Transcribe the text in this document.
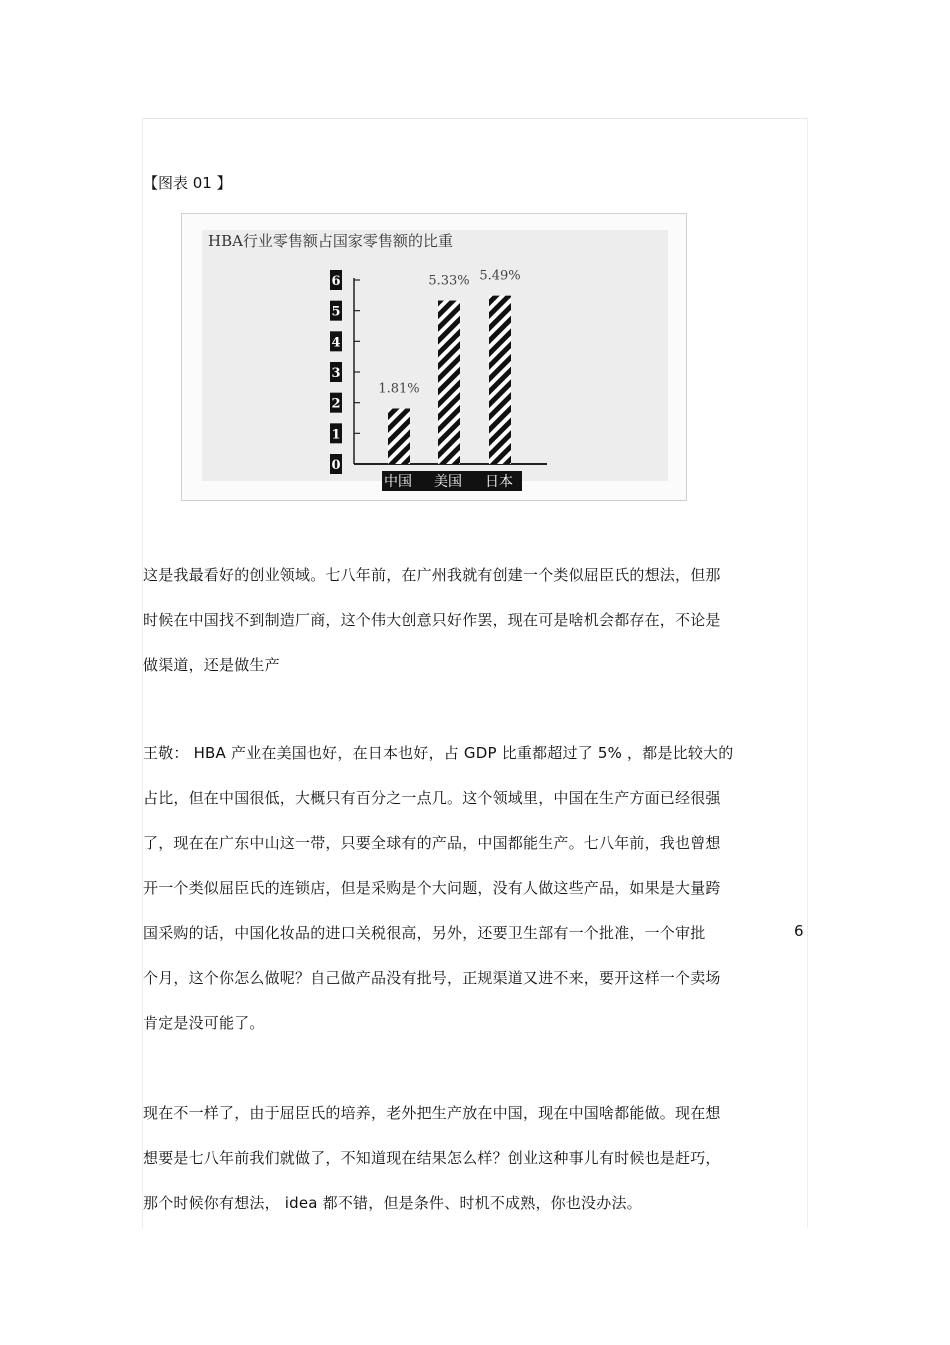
【图表 01 】
HBA行业零售额占国家零售额的比重
0
1
2
3
4
5
6
1.81%
5.33% 5.49%
中国 美国 日本
这是我最看好的创业领域。七八年前，在广州我就有创建一个类似屈臣氏的想法，但那
时候在中国找不到制造厂商，这个伟大创意只好作罢，现在可是啥机会都存在，不论是
做渠道，还是做生产
王敬： HBA 产业在美国也好，在日本也好，占 GDP 比重都超过了 5% ，都是比较大的
占比，但在中国很低，大概只有百分之一点几。这个领域里，中国在生产方面已经很强
了，现在在广东中山这一带，只要全球有的产品，中国都能生产。七八年前，我也曾想
开一个类似屈臣氏的连锁店，但是采购是个大问题，没有人做这些产品，如果是大量跨
国采购的话，中国化妆品的进口关税很高，另外，还要卫生部有一个批准，一个审批
个月，这个你怎么做呢？自己做产品没有批号，正规渠道又进不来，要开这样一个卖场
肯定是没可能了。
6
现在不一样了，由于屈臣氏的培养，老外把生产放在中国，现在中国啥都能做。现在想
想要是七八年前我们就做了，不知道现在结果怎么样？创业这种事儿有时候也是赶巧，
那个时候你有想法， idea 都不错，但是条件、时机不成熟，你也没办法。
